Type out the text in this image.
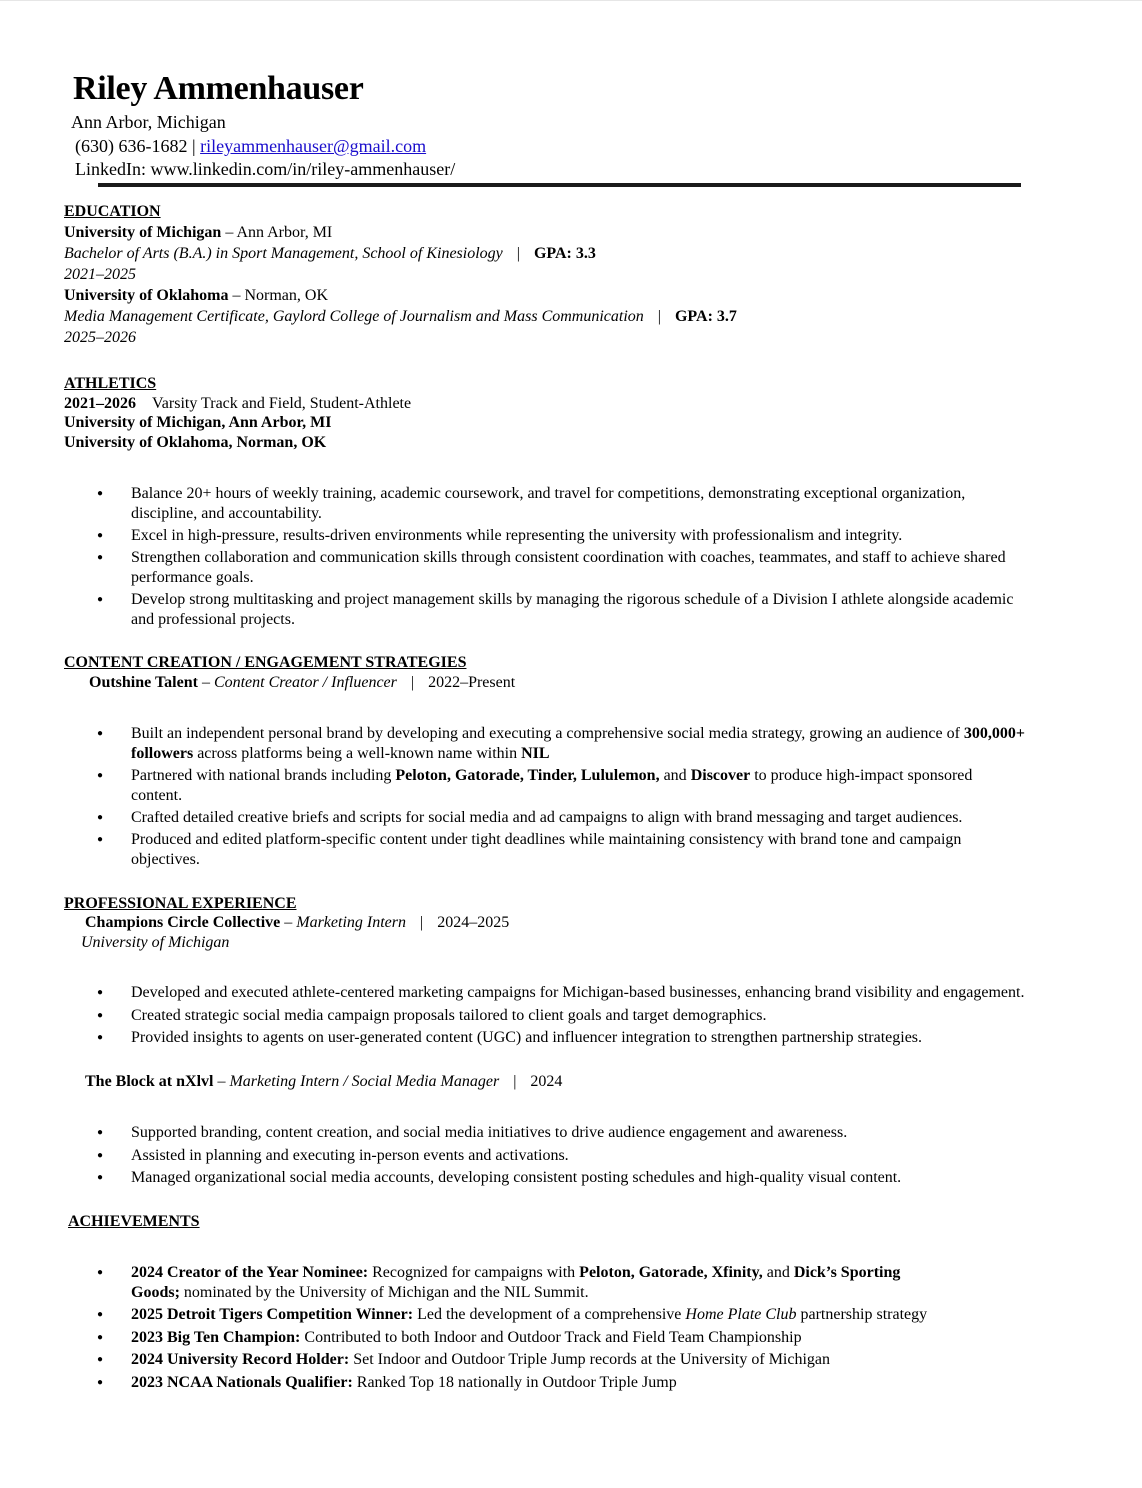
Riley Ammenhauser
Ann Arbor, Michigan
(630) 636-1682 | rileyammenhauser@gmail.com
LinkedIn: www.linkedin.com/in/riley-ammenhauser/
EDUCATION
University of Michigan – Ann Arbor, MI
Bachelor of Arts (B.A.) in Sport Management, School of Kinesiology | GPA: 3.3
2021–2025
University of Oklahoma – Norman, OK
Media Management Certificate, Gaylord College of Journalism and Mass Communication | GPA: 3.7
2025–2026
ATHLETICS
2021–2026 Varsity Track and Field, Student-Athlete
University of Michigan, Ann Arbor, MI
University of Oklahoma, Norman, OK
● Balance 20+ hours of weekly training, academic coursework, and travel for competitions, demonstrating exceptional organization,
discipline, and accountability.
● Excel in high-pressure, results-driven environments while representing the university with professionalism and integrity.
● Strengthen collaboration and communication skills through consistent coordination with coaches, teammates, and staff to achieve shared
performance goals.
● Develop strong multitasking and project management skills by managing the rigorous schedule of a Division I athlete alongside academic
and professional projects.
CONTENT CREATION / ENGAGEMENT STRATEGIES
Outshine Talent – Content Creator / Influencer | 2022–Present
● Built an independent personal brand by developing and executing a comprehensive social media strategy, growing an audience of 300,000+
followers across platforms being a well-known name within NIL
● Partnered with national brands including Peloton, Gatorade, Tinder, Lululemon, and Discover to produce high-impact sponsored
content.
● Crafted detailed creative briefs and scripts for social media and ad campaigns to align with brand messaging and target audiences.
● Produced and edited platform-specific content under tight deadlines while maintaining consistency with brand tone and campaign
objectives.
PROFESSIONAL EXPERIENCE
Champions Circle Collective – Marketing Intern | 2024–2025
University of Michigan
● Developed and executed athlete-centered marketing campaigns for Michigan-based businesses, enhancing brand visibility and engagement.
● Created strategic social media campaign proposals tailored to client goals and target demographics.
● Provided insights to agents on user-generated content (UGC) and influencer integration to strengthen partnership strategies.
The Block at nXlvl – Marketing Intern / Social Media Manager | 2024
● Supported branding, content creation, and social media initiatives to drive audience engagement and awareness.
● Assisted in planning and executing in-person events and activations.
● Managed organizational social media accounts, developing consistent posting schedules and high-quality visual content.
ACHIEVEMENTS
● 2024 Creator of the Year Nominee: Recognized for campaigns with Peloton, Gatorade, Xfinity, and Dick’s Sporting
Goods; nominated by the University of Michigan and the NIL Summit.
● 2025 Detroit Tigers Competition Winner: Led the development of a comprehensive Home Plate Club partnership strategy
● 2023 Big Ten Champion: Contributed to both Indoor and Outdoor Track and Field Team Championship
● 2024 University Record Holder: Set Indoor and Outdoor Triple Jump records at the University of Michigan
● 2023 NCAA Nationals Qualifier: Ranked Top 18 nationally in Outdoor Triple Jump
